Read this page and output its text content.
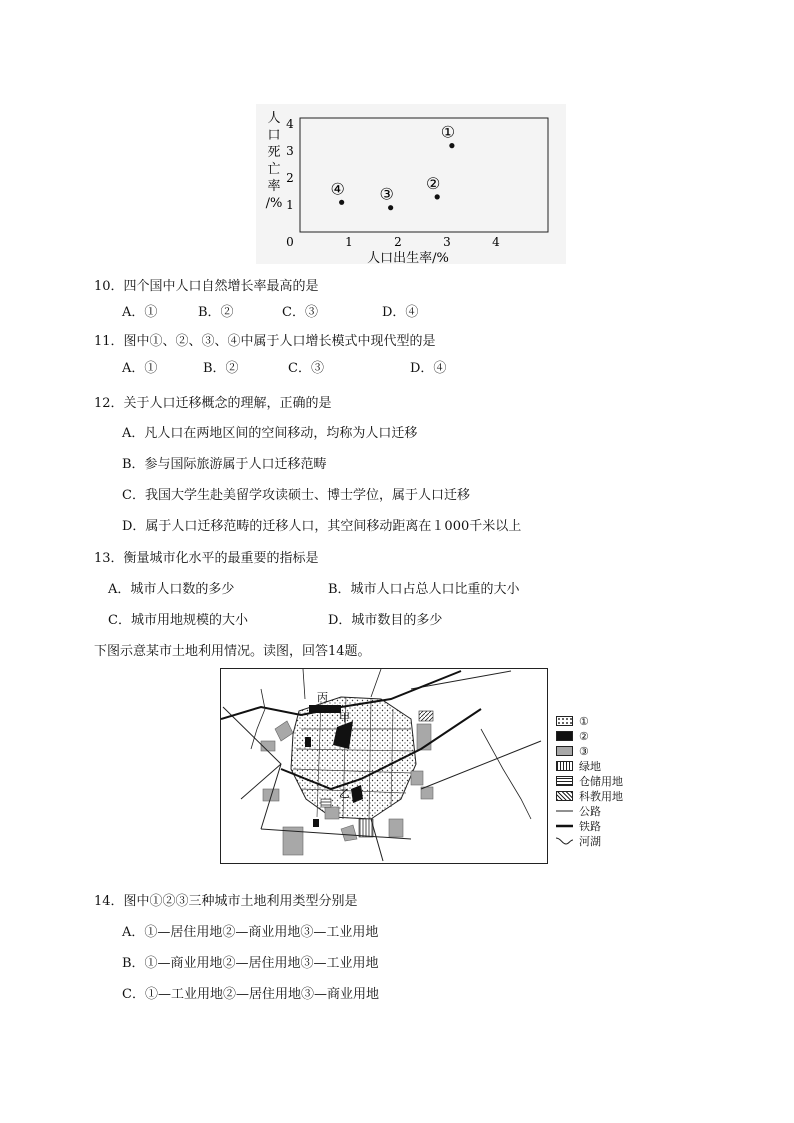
0	1	2	3	4
1
2
3
4
人口出生率/%
人口死亡率/%
①
②
③
④
10．四个国中人口自然增长率最高的是
A．①	B．②	C．③	D．④
11．图中①、②、③、④中属于人口增长模式中现代型的是
A．①	B．②	C．③	D．④
12．关于人口迁移概念的理解，正确的是
A．凡人口在两地区间的空间移动，均称为人口迁移
B．参与国际旅游属于人口迁移范畴
C．我国大学生赴美留学攻读硕士、博士学位，属于人口迁移
D．属于人口迁移范畴的迁移人口，其空间移动距离在１000千米以上
13．衡量城市化水平的最重要的指标是
A．城市人口数的多少	B．城市人口占总人口比重的大小
C．城市用地规模的大小	D．城市数目的多少
下图示意某市土地利用情况。读图，回答14题。
丙
甲
乙
①
②
③
绿地
仓储用地
科教用地
公路
铁路
河湖
14．图中①②③三种城市土地利用类型分别是
A．①—居住用地②—商业用地③—工业用地
B．①—商业用地②—居住用地③—工业用地
C．①—工业用地②—居住用地③—商业用地
